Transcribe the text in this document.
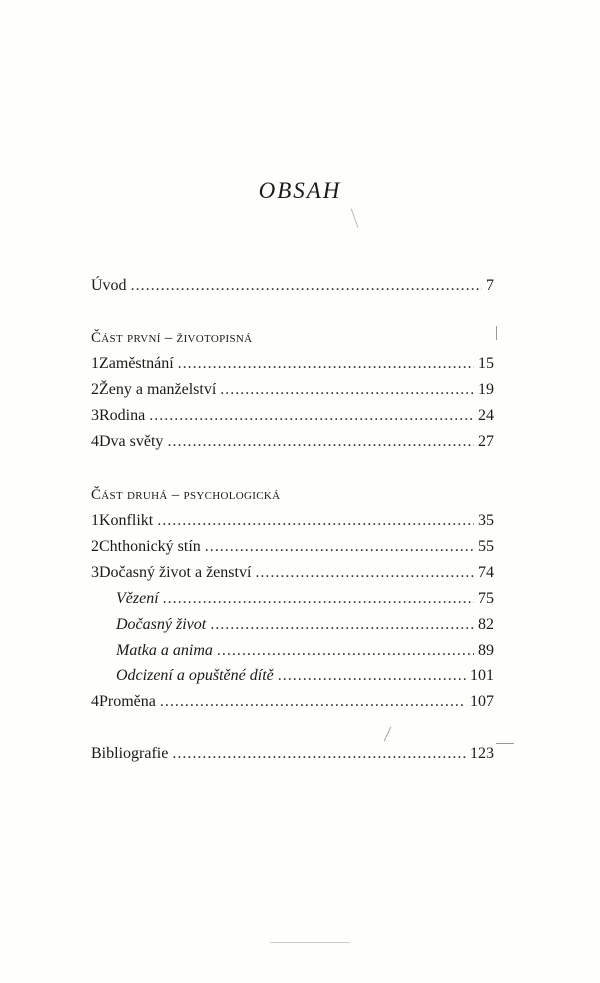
OBSAH
Úvod .....	7
Část první – životopisná
1 Zaměstnání .....	15
2 Ženy a manželství .....	19
3 Rodina .....	24
4 Dva světy .....	27
Část druhá – psychologická
1 Konflikt .....	35
2 Chthonický stín .....	55
3 Dočasný život a ženství .....	74
Vězení .....	75
Dočasný život .....	82
Matka a anima .....	89
Odcizení a opuštěné dítě .....	101
4 Proměna .....	107
Bibliografie .....	123
